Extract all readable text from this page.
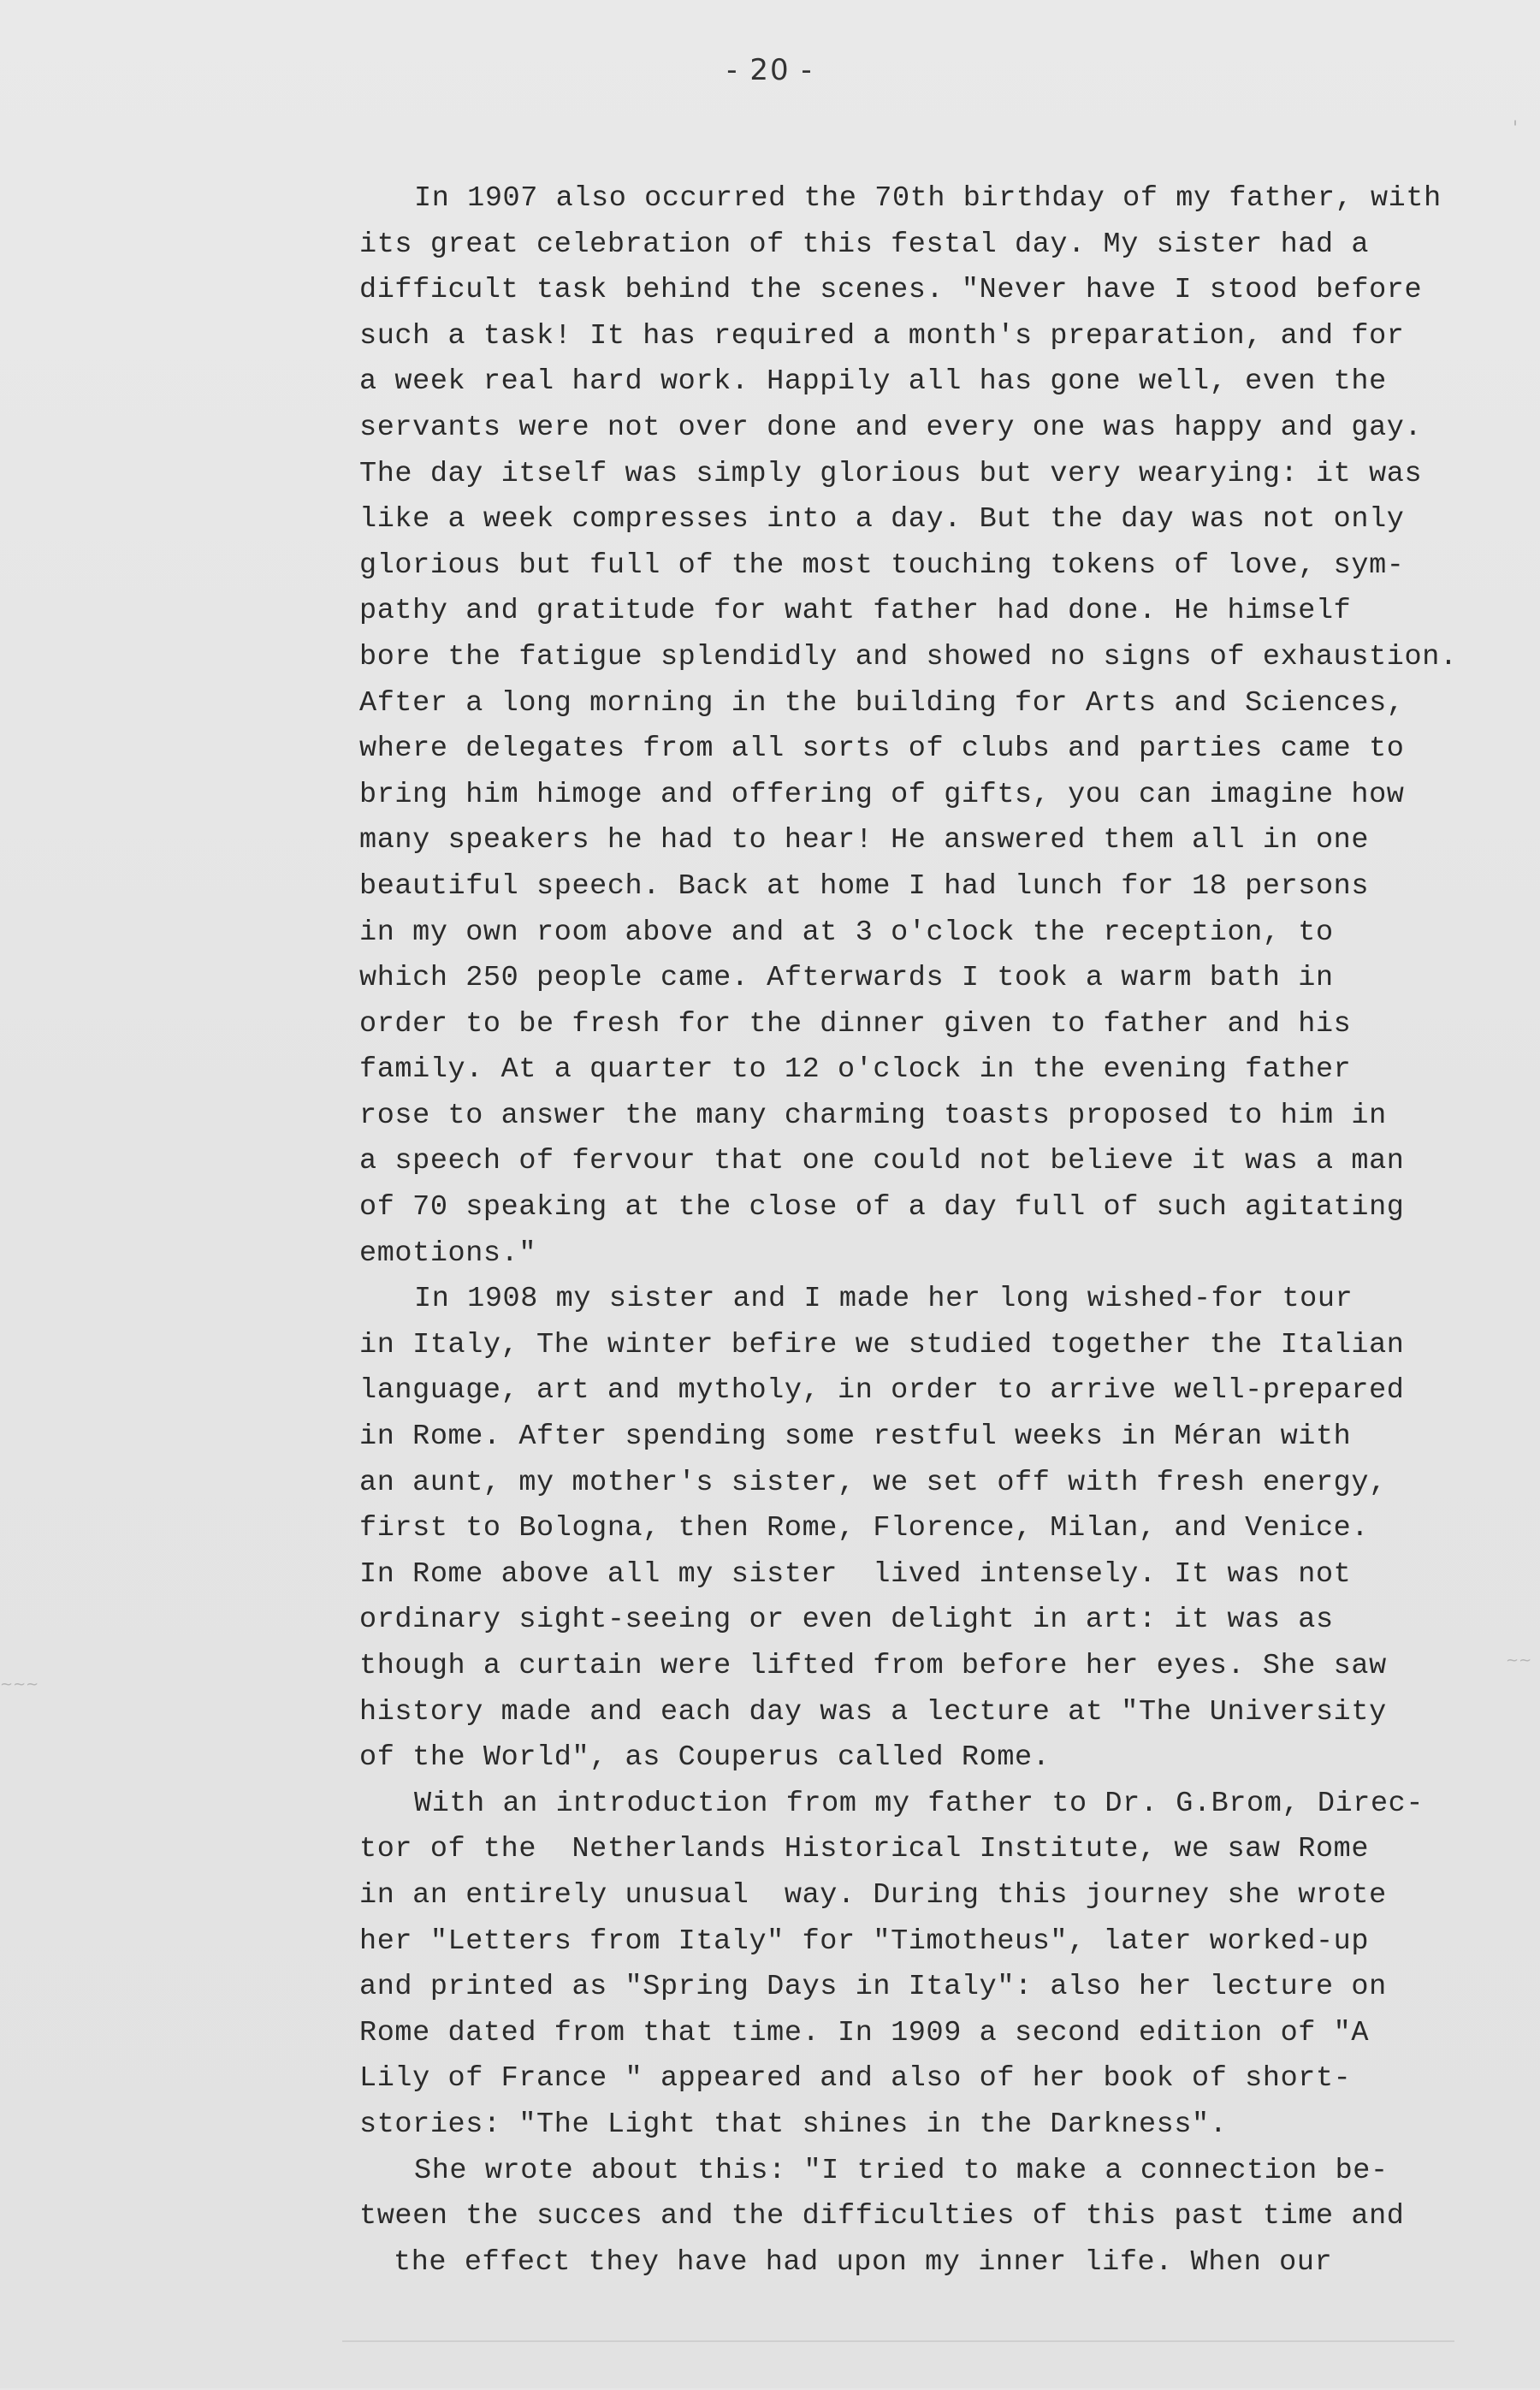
- 20 -
In 1907 also occurred the 70th birthday of my father, with
its great celebration of this festal day. My sister had a
difficult task behind the scenes. "Never have I stood before
such a task! It has required a month's preparation, and for
a week real hard work. Happily all has gone well, even the
servants were not over done and every one was happy and gay.
The day itself was simply glorious but very wearying: it was
like a week compresses into a day. But the day was not only
glorious but full of the most touching tokens of love, sym-
pathy and gratitude for waht father had done. He himself
bore the fatigue splendidly and showed no signs of exhaustion.
After a long morning in the building for Arts and Sciences,
where delegates from all sorts of clubs and parties came to
bring him himoge and offering of gifts, you can imagine how
many speakers he had to hear! He answered them all in one
beautiful speech. Back at home I had lunch for 18 persons
in my own room above and at 3 o'clock the reception, to
which 250 people came. Afterwards I took a warm bath in
order to be fresh for the dinner given to father and his
family. At a quarter to 12 o'clock in the evening father
rose to answer the many charming toasts proposed to him in
a speech of fervour that one could not believe it was a man
of 70 speaking at the close of a day full of such agitating
emotions."
In 1908 my sister and I made her long wished-for tour
in Italy, The winter befire we studied together the Italian
language, art and mytholy, in order to arrive well-prepared
in Rome. After spending some restful weeks in Méran with
an aunt, my mother's sister, we set off with fresh energy,
first to Bologna, then Rome, Florence, Milan, and Venice.
In Rome above all my sister  lived intensely. It was not
ordinary sight-seeing or even delight in art: it was as
though a curtain were lifted from before her eyes. She saw
history made and each day was a lecture at "The University
of the World", as Couperus called Rome.
With an introduction from my father to Dr. G.Brom, Direc-
tor of the  Netherlands Historical Institute, we saw Rome
in an entirely unusual  way. During this journey she wrote
her "Letters from Italy" for "Timotheus", later worked-up
and printed as "Spring Days in Italy": also her lecture on
Rome dated from that time. In 1909 a second edition of "A
Lily of France " appeared and also of her book of short-
stories: "The Light that shines in the Darkness".
She wrote about this: "I tried to make a connection be-
tween the succes and the difficulties of this past time and
the effect they have had upon my inner life. When our
'
~~
~~~
